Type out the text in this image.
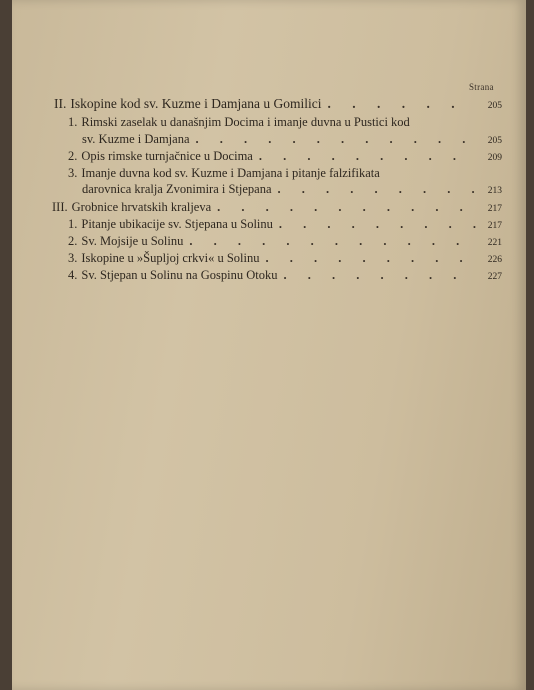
Strana
II. Iskopine kod sv. Kuzme i Damjana u Gomilici . . .	205
1. Rimski zaselak u današnjim Docima i imanje duvna u Pustici kod
sv. Kuzme i Damjana . . .	205
2. Opis rimske turnjačnice u Docima . . .	209
3. Imanje duvna kod sv. Kuzme i Damjana i pitanje falzifikata
darovnica kralja Zvonimira i Stjepana . . .	213
III. Grobnice hrvatskih kraljeva . . .	217
1. Pitanje ubikacije sv. Stjepana u Solinu . . .	217
2. Sv. Mojsije u Solinu . . .	221
3. Iskopine u »Šupljoj crkvi« u Solinu . . .	226
4. Sv. Stjepan u Solinu na Gospinu Otoku . . .	227
